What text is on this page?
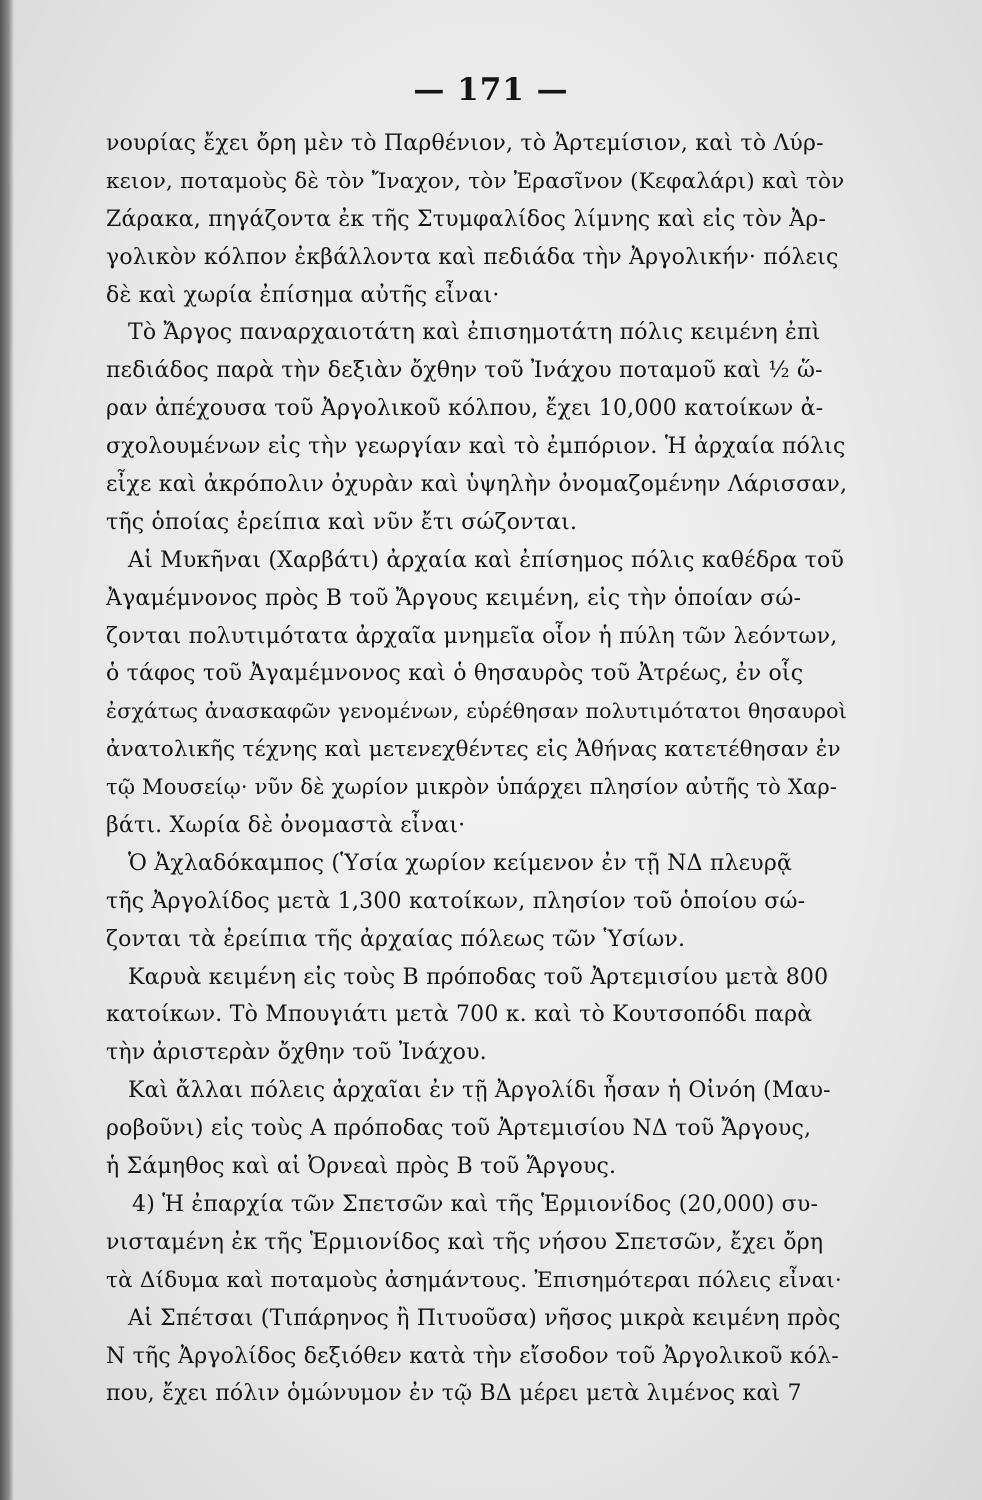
— 171 —
νουρίας ἔχει ὄρη μὲν τὸ Παρθένιον, τὸ Ἀρτεμίσιον, καὶ τὸ Λύρ-
κειον, ποταμοὺς δὲ τὸν Ἴναχον, τὸν Ἐρασῖνον (Κεφαλάρι) καὶ τὸν
Ζάρακα, πηγάζοντα ἐκ τῆς Στυμφαλίδος λίμνης καὶ εἰς τὸν Ἀρ-
γολικὸν κόλπον ἐκβάλλοντα καὶ πεδιάδα τὴν Ἀργολικήν· πόλεις
δὲ καὶ χωρία ἐπίσημα αὐτῆς εἶναι·
Τὸ Ἄργος παναρχαιοτάτη καὶ ἐπισημοτάτη πόλις κειμένη ἐπὶ
πεδιάδος παρὰ τὴν δεξιὰν ὄχθην τοῦ Ἰνάχου ποταμοῦ καὶ ½ ὥ-
ραν ἀπέχουσα τοῦ Ἀργολικοῦ κόλπου, ἔχει 10,000 κατοίκων ἀ-
σχολουμένων εἰς τὴν γεωργίαν καὶ τὸ ἐμπόριον. Ἡ ἀρχαία πόλις
εἶχε καὶ ἀκρόπολιν ὀχυρὰν καὶ ὑψηλὴν ὀνομαζομένην Λάρισσαν,
τῆς ὁποίας ἐρείπια καὶ νῦν ἔτι σώζονται.
Αἱ Μυκῆναι (Χαρβάτι) ἀρχαία καὶ ἐπίσημος πόλις καθέδρα τοῦ
Ἀγαμέμνονος πρὸς Β τοῦ Ἄργους κειμένη, εἰς τὴν ὁποίαν σώ-
ζονται πολυτιμότατα ἀρχαῖα μνημεῖα οἷον ἡ πύλη τῶν λεόντων,
ὁ τάφος τοῦ Ἀγαμέμνονος καὶ ὁ θησαυρὸς τοῦ Ἀτρέως, ἐν οἷς
ἐσχάτως ἀνασκαφῶν γενομένων, εὑρέθησαν πολυτιμότατοι θησαυροὶ
ἀνατολικῆς τέχνης καὶ μετενεχθέντες εἰς Ἀθήνας κατετέθησαν ἐν
τῷ Μουσείῳ· νῦν δὲ χωρίον μικρὸν ὑπάρχει πλησίον αὐτῆς τὸ Χαρ-
βάτι. Χωρία δὲ ὀνομαστὰ εἶναι·
Ὁ Ἀχλαδόκαμπος (Ὑσία χωρίον κείμενον ἐν τῇ ΝΔ πλευρᾷ
τῆς Ἀργολίδος μετὰ 1,300 κατοίκων, πλησίον τοῦ ὁποίου σώ-
ζονται τὰ ἐρείπια τῆς ἀρχαίας πόλεως τῶν Ὑσίων.
Καρυὰ κειμένη εἰς τοὺς Β πρόποδας τοῦ Ἀρτεμισίου μετὰ 800
κατοίκων. Τὸ Μπουγιάτι μετὰ 700 κ. καὶ τὸ Κουτσοπόδι παρὰ
τὴν ἀριστερὰν ὄχθην τοῦ Ἰνάχου.
Καὶ ἄλλαι πόλεις ἀρχαῖαι ἐν τῇ Ἀργολίδι ἦσαν ἡ Οἰνόη (Μαυ-
ροβοῦνι) εἰς τοὺς Α πρόποδας τοῦ Ἀρτεμισίου ΝΔ τοῦ Ἄργους,
ἡ Σάμηθος καὶ αἱ Ὀρνεαὶ πρὸς Β τοῦ Ἄργους.
4) Ἡ ἐπαρχία τῶν Σπετσῶν καὶ τῆς Ἑρμιονίδος (20,000) συ-
νισταμένη ἐκ τῆς Ἑρμιονίδος καὶ τῆς νήσου Σπετσῶν, ἔχει ὄρη
τὰ Δίδυμα καὶ ποταμοὺς ἀσημάντους. Ἐπισημότεραι πόλεις εἶναι·
Αἱ Σπέτσαι (Τιπάρηνος ἢ Πιτυοῦσα) νῆσος μικρὰ κειμένη πρὸς
Ν τῆς Ἀργολίδος δεξιόθεν κατὰ τὴν εἴσοδον τοῦ Ἀργολικοῦ κόλ-
που, ἔχει πόλιν ὁμώνυμον ἐν τῷ ΒΔ μέρει μετὰ λιμένος καὶ 7
